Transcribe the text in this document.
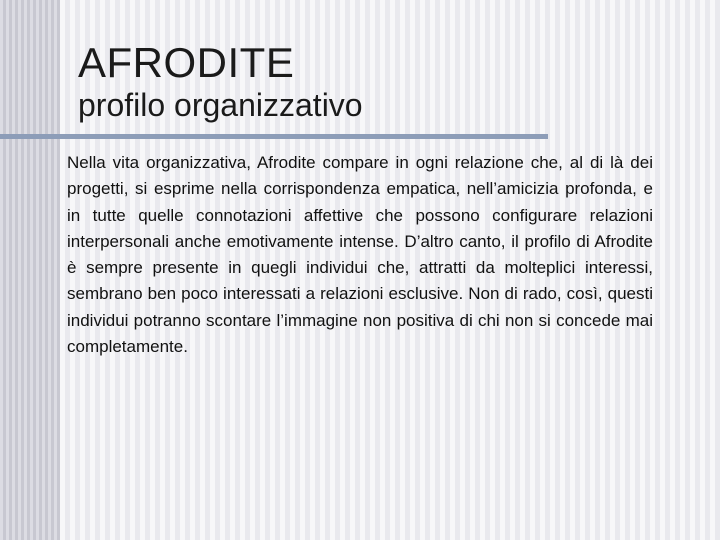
AFRODITE
profilo organizzativo

Nella vita organizzativa, Afrodite compare in ogni relazione che, al di là dei progetti, si esprime nella corrispondenza empatica, nell’amicizia profonda, e in tutte quelle connotazioni affettive che possono configurare relazioni interpersonali anche emotivamente intense. D’altro canto, il profilo di Afrodite è sempre presente in quegli individui che, attratti da molteplici interessi, sembrano ben poco interessati a relazioni esclusive. Non di rado, così, questi individui potranno scontare l’immagine non positiva di chi non si concede mai completamente.
